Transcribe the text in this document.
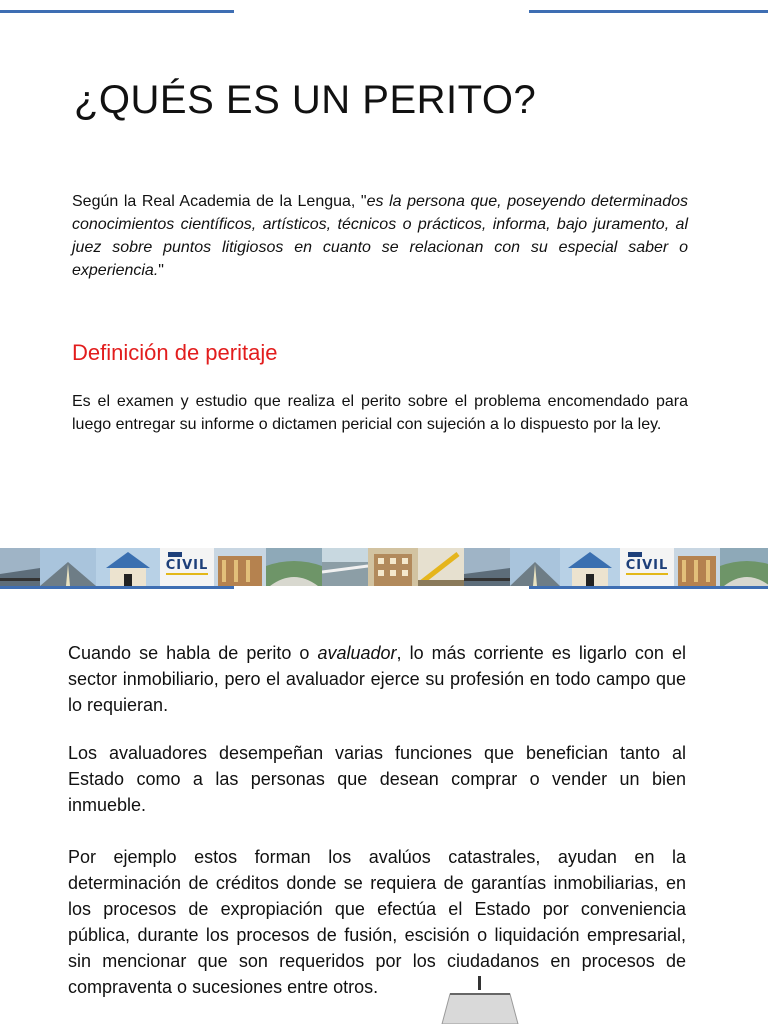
¿QUÉS ES UN PERITO?

Según la Real Academia de la Lengua, "es la persona que, poseyendo determinados conocimientos científicos, artísticos, técnicos o prácticos, informa, bajo juramento, al juez sobre puntos litigiosos en cuanto se relacionan con su especial saber o experiencia."

Definición de peritaje

Es el examen y estudio que realiza el perito sobre el problema encomendado para luego entregar su informe o dictamen pericial con sujeción a lo dispuesto por la ley.

CIVIL	CIVIL

Cuando se habla de perito o avaluador, lo más corriente es ligarlo con el sector inmobiliario, pero el avaluador ejerce su profesión en todo campo que lo requieran.

Los avaluadores desempeñan varias funciones que benefician tanto al Estado como a las personas que desean comprar o vender un bien inmueble.

Por ejemplo estos forman los avalúos catastrales, ayudan en la determinación de créditos donde se requiera de garantías inmobiliarias, en los procesos de expropiación que efectúa el Estado por conveniencia pública, durante los procesos de fusión, escisión o liquidación empresarial, sin mencionar que son requeridos por los ciudadanos en procesos de compraventa o sucesiones entre otros.
